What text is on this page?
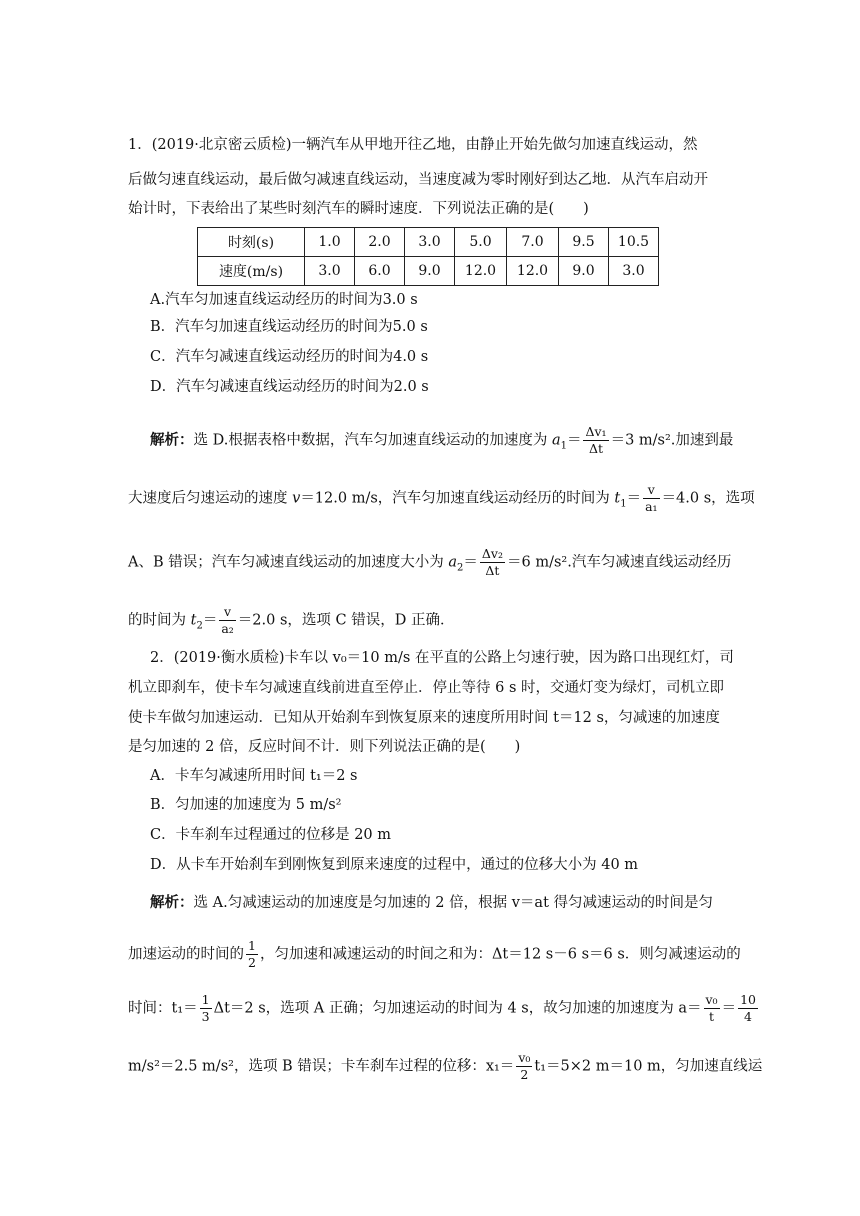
1．(2019·北京密云质检)一辆汽车从甲地开往乙地，由静止开始先做匀加速直线运动，然
后做匀速直线运动，最后做匀减速直线运动，当速度减为零时刚好到达乙地．从汽车启动开
始计时，下表给出了某些时刻汽车的瞬时速度．下列说法正确的是(　　)
时刻(s)	1.0	2.0	3.0	5.0	7.0	9.5	10.5
速度(m/s)	3.0	6.0	9.0	12.0	12.0	9.0	3.0
A.汽车匀加速直线运动经历的时间为3.0 s
B．汽车匀加速直线运动经历的时间为5.0 s
C．汽车匀减速直线运动经历的时间为4.0 s
D．汽车匀减速直线运动经历的时间为2.0 s
解析：选 D.根据表格中数据，汽车匀加速直线运动的加速度为 $a_1= \frac{\text{Δv₁}}{\Delta t} =3$ m/s².加速到最
大速度后匀速运动的速度 v＝12.0 m/s，汽车匀加速直线运动经历的时间为 $t_1= \frac{v}{\text{a₁}} =4.0$ s，选项
A、B 错误；汽车匀减速直线运动的加速度大小为 $a_2= \frac{\text{Δv₂}}{\Delta t} =6$ m/s².汽车匀减速直线运动经历
的时间为 $t_2= \frac{v}{\text{a₂}} =2.0$ s，选项 C 错误，D 正确．
2．(2019·衡水质检)卡车以 v₀＝10 m/s 在平直的公路上匀速行驶，因为路口出现红灯，司
机立即刹车，使卡车匀减速直线前进直至停止．停止等待 6 s 时，交通灯变为绿灯，司机立即
使卡车做匀加速运动．已知从开始刹车到恢复原来的速度所用时间 t＝12 s，匀减速的加速度
是匀加速的 2 倍，反应时间不计．则下列说法正确的是(　　)
A．卡车匀减速所用时间 t₁＝2 s
B．匀加速的加速度为 5 m/s²
C．卡车刹车过程通过的位移是 20 m
D．从卡车开始刹车到刚恢复到原来速度的过程中，通过的位移大小为 40 m
解析：选 A.匀减速运动的加速度是匀加速的 2 倍，根据 v＝at 得匀减速运动的时间是匀
加速运动的时间的 $\frac{1}{2}$ ，匀加速和减速运动的时间之和为：Δt＝12 s－6 s＝6 s．则匀减速运动的
时间：$t_1= \frac{1}{3} \Delta t=2$ s，选项 A 正确；匀加速运动的时间为 4 s，故匀加速的加速度为 $a= \frac{\text{v₀}}{t} = \frac{10}{4}$
m/s²＝2.5 m/s²，选项 B 错误；卡车刹车过程的位移：$x_1= \frac{\text{v₀}}{2} t_1=5\times 2$ m＝10 m，匀加速直线运
